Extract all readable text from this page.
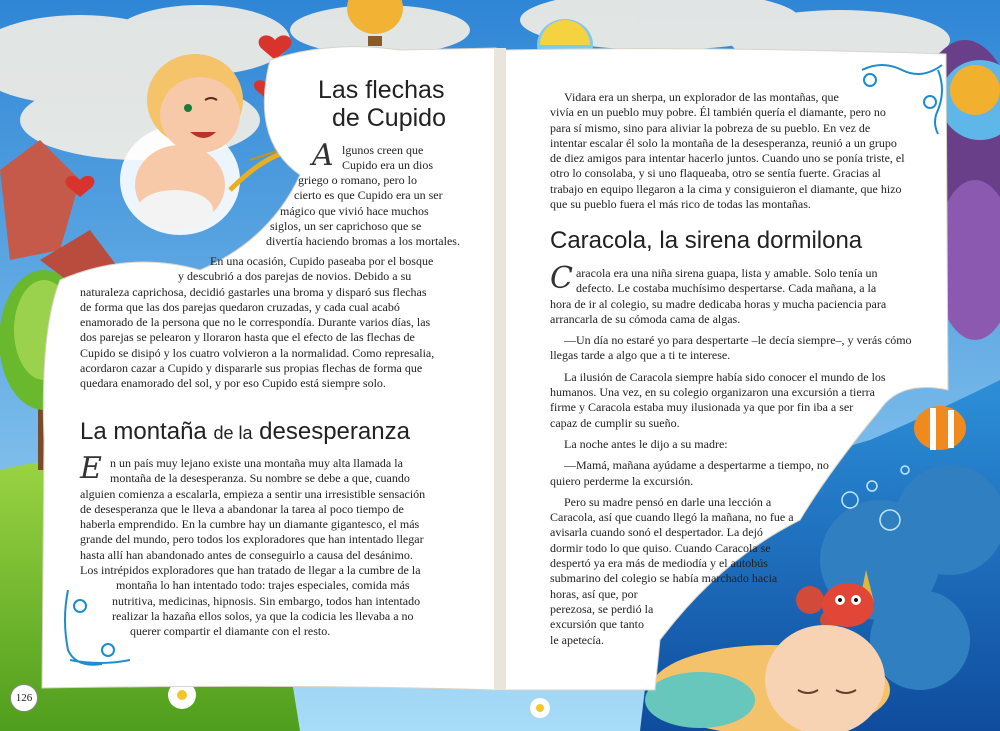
Las flechas
de Cupido
A lgunos creen que
Cupido era un dios
griego o romano, pero lo
cierto es que Cupido era un ser
mágico que vivió hace muchos
siglos, un ser caprichoso que se
divertía haciendo bromas a los mortales.
En una ocasión, Cupido paseaba por el bosque
y descubrió a dos parejas de novios. Debido a su
naturaleza caprichosa, decidió gastarles una broma y disparó sus flechas
de forma que las dos parejas quedaron cruzadas, y cada cual acabó
enamorado de la persona que no le correspondía. Durante varios días, las
dos parejas se pelearon y lloraron hasta que el efecto de las flechas de
Cupido se disipó y los cuatro volvieron a la normalidad. Como represalia,
acordaron cazar a Cupido y dispararle sus propias flechas de forma que
quedara enamorado del sol, y por eso Cupido está siempre solo.
La montaña de la desesperanza
E n un país muy lejano existe una montaña muy alta llamada la
montaña de la desesperanza. Su nombre se debe a que, cuando
alguien comienza a escalarla, empieza a sentir una irresistible sensación
de desesperanza que le lleva a abandonar la tarea al poco tiempo de
haberla emprendido. En la cumbre hay un diamante gigantesco, el más
grande del mundo, pero todos los exploradores que han intentado llegar
hasta allí han abandonado antes de conseguirlo a causa del desánimo.
Los intrépidos exploradores que han tratado de llegar a la cumbre de la
montaña lo han intentado todo: trajes especiales, comida más
nutritiva, medicinas, hipnosis. Sin embargo, todos han intentado
realizar la hazaña ellos solos, ya que la codicia les llevaba a no
querer compartir el diamante con el resto.
126
Vidara era un sherpa, un explorador de las montañas, que
vivía en un pueblo muy pobre. Él también quería el diamante, pero no
para sí mismo, sino para aliviar la pobreza de su pueblo. En vez de
intentar escalar él solo la montaña de la desesperanza, reunió a un grupo
de diez amigos para intentar hacerlo juntos. Cuando uno se ponía triste, el
otro lo consolaba, y si uno flaqueaba, otro se sentía fuerte. Gracias al
trabajo en equipo llegaron a la cima y consiguieron el diamante, que hizo
que su pueblo fuera el más rico de todas las montañas.
Caracola, la sirena dormilona
C aracola era una niña sirena guapa, lista y amable. Solo tenía un
defecto. Le costaba muchísimo despertarse. Cada mañana, a la
hora de ir al colegio, su madre dedicaba horas y mucha paciencia para
arrancarla de su cómoda cama de algas.
—Un día no estaré yo para despertarte –le decía siempre–, y verás cómo
llegas tarde a algo que a ti te interese.
La ilusión de Caracola siempre había sido conocer el mundo de los
humanos. Una vez, en su colegio organizaron una excursión a tierra
firme y Caracola estaba muy ilusionada ya que por fin iba a ser
capaz de cumplir su sueño.
La noche antes le dijo a su madre:
—Mamá, mañana ayúdame a despertarme a tiempo, no
quiero perderme la excursión.
Pero su madre pensó en darle una lección a
Caracola, así que cuando llegó la mañana, no fue a
avisarla cuando sonó el despertador. La dejó
dormir todo lo que quiso. Cuando Caracola se
despertó ya era más de mediodía y el autobús
submarino del colegio se había marchado hacia
horas, así que, por
perezosa, se perdió la
excursión que tanto
le apetecía.
